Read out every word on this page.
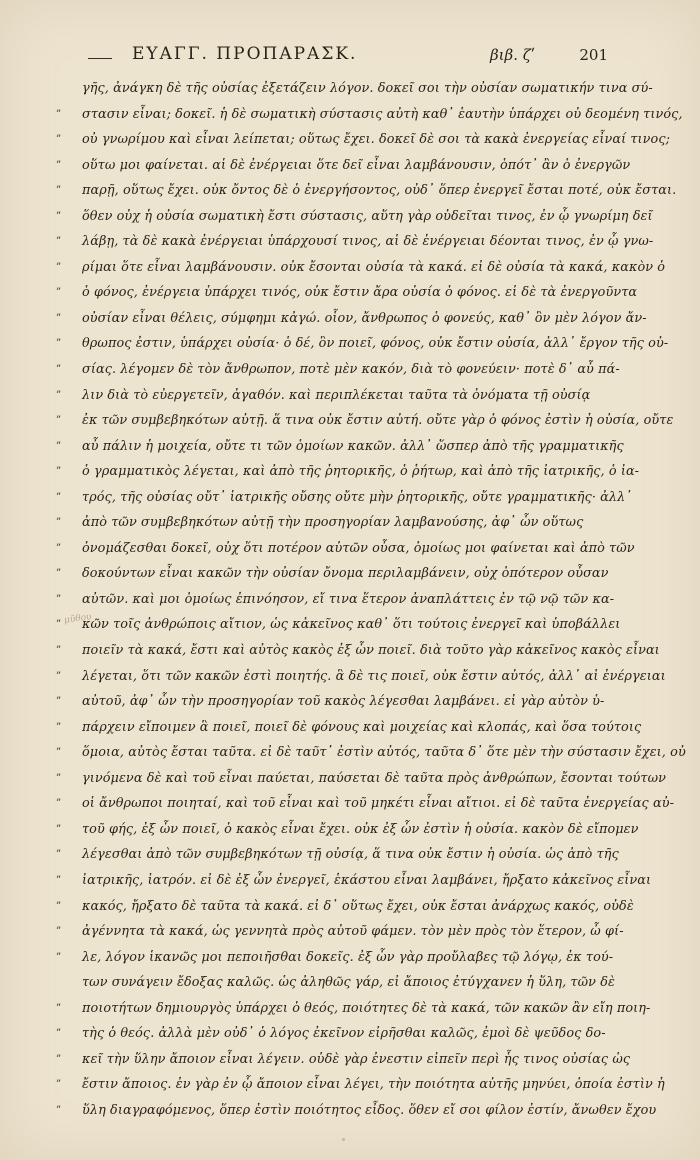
ΕΥΑΓΓ. ΠΡΟΠΑΡΑΣΚ.	βιβ. ζʹ	201
γῆς, ἀνάγκη δὲ τῆς οὐσίας ἐξετάζειν λόγον. δοκεῖ σοι τὴν οὐσίαν σωματικήν τινα σύ-
”	στασιν εἶναι; δοκεῖ. ἡ δὲ σωματικὴ σύστασις αὐτὴ καθ᾽ ἑαυτὴν ὑπάρχει οὐ δεομένη τινός,
”	οὐ γνωρίμου καὶ εἶναι λείπεται; οὕτως ἔχει. δοκεῖ δὲ σοι τὰ κακὰ ἐνεργείας εἶναί τινος;
”	οὕτω μοι φαίνεται. αἱ δὲ ἐνέργειαι ὅτε δεῖ εἶναι λαμβάνουσιν, ὁπότ᾽ ἂν ὁ ἐνεργῶν
”	παρῇ, οὕτως ἔχει. οὐκ ὄντος δὲ ὁ ἐνεργήσοντος, οὐδ᾽ ὅπερ ἐνεργεῖ ἔσται ποτέ, οὐκ ἔσται.
”	ὅθεν οὐχ ἡ οὐσία σωματικὴ ἔστι σύστασις, αὕτη γὰρ οὐδεῖται τινος, ἐν ᾧ γνωρίμη δεῖ
”	λάβῃ, τὰ δὲ κακὰ ἐνέργειαι ὑπάρχουσί τινος, αἱ δὲ ἐνέργειαι δέονται τινος, ἐν ᾧ γνω-
”	ρίμαι ὅτε εἶναι λαμβάνουσιν. οὐκ ἔσονται οὐσία τὰ κακά. εἰ δὲ οὐσία τὰ κακά, κακὸν ὁ
”	ὁ φόνος, ἐνέργεια ὑπάρχει τινός, οὐκ ἔστιν ἄρα οὐσία ὁ φόνος. εἰ δὲ τὰ ἐνεργοῦντα
”	οὐσίαν εἶναι θέλεις, σύμφημι κἀγώ. οἷον, ἄνθρωπος ὁ φονεύς, καθ᾽ ὃν μὲν λόγον ἄν-
”	θρωπος ἐστιν, ὑπάρχει οὐσία· ὁ δέ, ὃν ποιεῖ, φόνος, οὐκ ἔστιν οὐσία, ἀλλ᾽ ἔργον τῆς οὐ-
”	σίας. λέγομεν δὲ τὸν ἄνθρωπον, ποτὲ μὲν κακόν, διὰ τὸ φονεύειν· ποτὲ δ᾽ αὖ πά-
”	λιν διὰ τὸ εὐεργετεῖν, ἀγαθόν. καὶ περιπλέκεται ταῦτα τὰ ὀνόματα τῇ οὐσίᾳ
”	ἐκ τῶν συμβεβηκότων αὐτῇ. ἅ τινα οὐκ ἔστιν αὐτή. οὔτε γὰρ ὁ φόνος ἐστὶν ἡ οὐσία, οὔτε
”	αὖ πάλιν ἡ μοιχεία, οὔτε τι τῶν ὁμοίων κακῶν. ἀλλ᾽ ὥσπερ ἀπὸ τῆς γραμματικῆς
”	ὁ γραμματικὸς λέγεται, καὶ ἀπὸ τῆς ῥητορικῆς, ὁ ῥήτωρ, καὶ ἀπὸ τῆς ἰατρικῆς, ὁ ἰα-
”	τρός, τῆς οὐσίας οὔτ᾽ ἰατρικῆς οὔσης οὔτε μὴν ῥητορικῆς, οὔτε γραμματικῆς· ἀλλ᾽
”	ἀπὸ τῶν συμβεβηκότων αὐτῇ τὴν προσηγορίαν λαμβανούσης, ἀφ᾽ ὧν οὕτως
”	ὀνομάζεσθαι δοκεῖ, οὐχ ὅτι ποτέρον αὐτῶν οὖσα, ὁμοίως μοι φαίνεται καὶ ἀπὸ τῶν
”	δοκούντων εἶναι κακῶν τὴν οὐσίαν ὄνομα περιλαμβάνειν, οὐχ ὁπότερον οὖσαν
”	αὐτῶν. καὶ μοι ὁμοίως ἐπινόησον, εἴ τινα ἕτερον ἀναπλάττεις ἐν τῷ νῷ τῶν κα-
”	κῶν τοῖς ἀνθρώποις αἴτιον, ὡς κἀκεῖνος καθ᾽ ὅτι τούτοις ἐνεργεῖ καὶ ὑποβάλλει
”	ποιεῖν τὰ κακά, ἔστι καὶ αὐτὸς κακὸς ἐξ ὧν ποιεῖ. διὰ τοῦτο γὰρ κἀκεῖνος κακὸς εἶναι
”	λέγεται, ὅτι τῶν κακῶν ἐστὶ ποιητής. ἃ δὲ τις ποιεῖ, οὐκ ἔστιν αὐτός, ἀλλ᾽ αἱ ἐνέργειαι
”	αὐτοῦ, ἀφ᾽ ὧν τὴν προσηγορίαν τοῦ κακὸς λέγεσθαι λαμβάνει. εἰ γὰρ αὐτὸν ὑ-
”	πάρχειν εἴποιμεν ἃ ποιεῖ, ποιεῖ δὲ φόνους καὶ μοιχείας καὶ κλοπάς, καὶ ὅσα τούτοις
”	ὅμοια, αὐτὸς ἔσται ταῦτα. εἰ δὲ ταῦτ᾽ ἐστὶν αὐτός, ταῦτα δ᾽ ὅτε μὲν τὴν σύστασιν ἔχει, οὐ
”	γινόμενα δὲ καὶ τοῦ εἶναι παύεται, παύσεται δὲ ταῦτα πρὸς ἀνθρώπων, ἔσονται τούτων
”	οἱ ἄνθρωποι ποιηταί, καὶ τοῦ εἶναι καὶ τοῦ μηκέτι εἶναι αἴτιοι. εἰ δὲ ταῦτα ἐνεργείας αὐ-
”	τοῦ φής, ἐξ ὧν ποιεῖ, ὁ κακὸς εἶναι ἔχει. οὐκ ἐξ ὧν ἐστὶν ἡ οὐσία. κακὸν δὲ εἴπομεν
”	λέγεσθαι ἀπὸ τῶν συμβεβηκότων τῇ οὐσίᾳ, ἅ τινα οὐκ ἔστιν ἡ οὐσία. ὡς ἀπὸ τῆς
”	ἰατρικῆς, ἰατρόν. εἰ δὲ ἐξ ὧν ἐνεργεῖ, ἑκάστου εἶναι λαμβάνει, ἤρξατο κἀκεῖνος εἶναι
”	κακός, ἤρξατο δὲ ταῦτα τὰ κακά. εἰ δ᾽ οὕτως ἔχει, οὐκ ἔσται ἀνάρχως κακός, οὐδὲ
”	ἀγέννητα τὰ κακά, ὡς γεννητὰ πρὸς αὐτοῦ φάμεν. τὸν μὲν πρὸς τὸν ἕτερον, ὦ φί-
”	λε, λόγον ἱκανῶς μοι πεποιῆσθαι δοκεῖς. ἐξ ὧν γὰρ προὔλαβες τῷ λόγῳ, ἐκ τού-
των συνάγειν ἔδοξας καλῶς. ὡς ἀληθῶς γάρ, εἰ ἄποιος ἐτύγχανεν ἡ ὕλη, τῶν δὲ
”	ποιοτήτων δημιουργὸς ὑπάρχει ὁ θεός, ποιότητες δὲ τὰ κακά, τῶν κακῶν ἂν εἴη ποιη-
”	τὴς ὁ θεός. ἀλλὰ μὲν οὐδ᾽ ὁ λόγος ἐκεῖνον εἰρῆσθαι καλῶς, ἐμοὶ δὲ ψεῦδος δο-
”	κεῖ τὴν ὕλην ἄποιον εἶναι λέγειν. οὐδὲ γὰρ ἐνεστιν εἰπεῖν περὶ ἧς τινος οὐσίας ὡς
”	ἔστιν ἄποιος. ἐν γὰρ ἐν ᾧ ἄποιον εἶναι λέγει, τὴν ποιότητα αὐτῆς μηνύει, ὁποία ἐστὶν ἡ
”	ὕλη διαγραφόμενος, ὅπερ ἐστὶν ποιότητος εἶδος. ὅθεν εἴ σοι φίλον ἐστίν, ἄνωθεν ἔχου
μῦθου
